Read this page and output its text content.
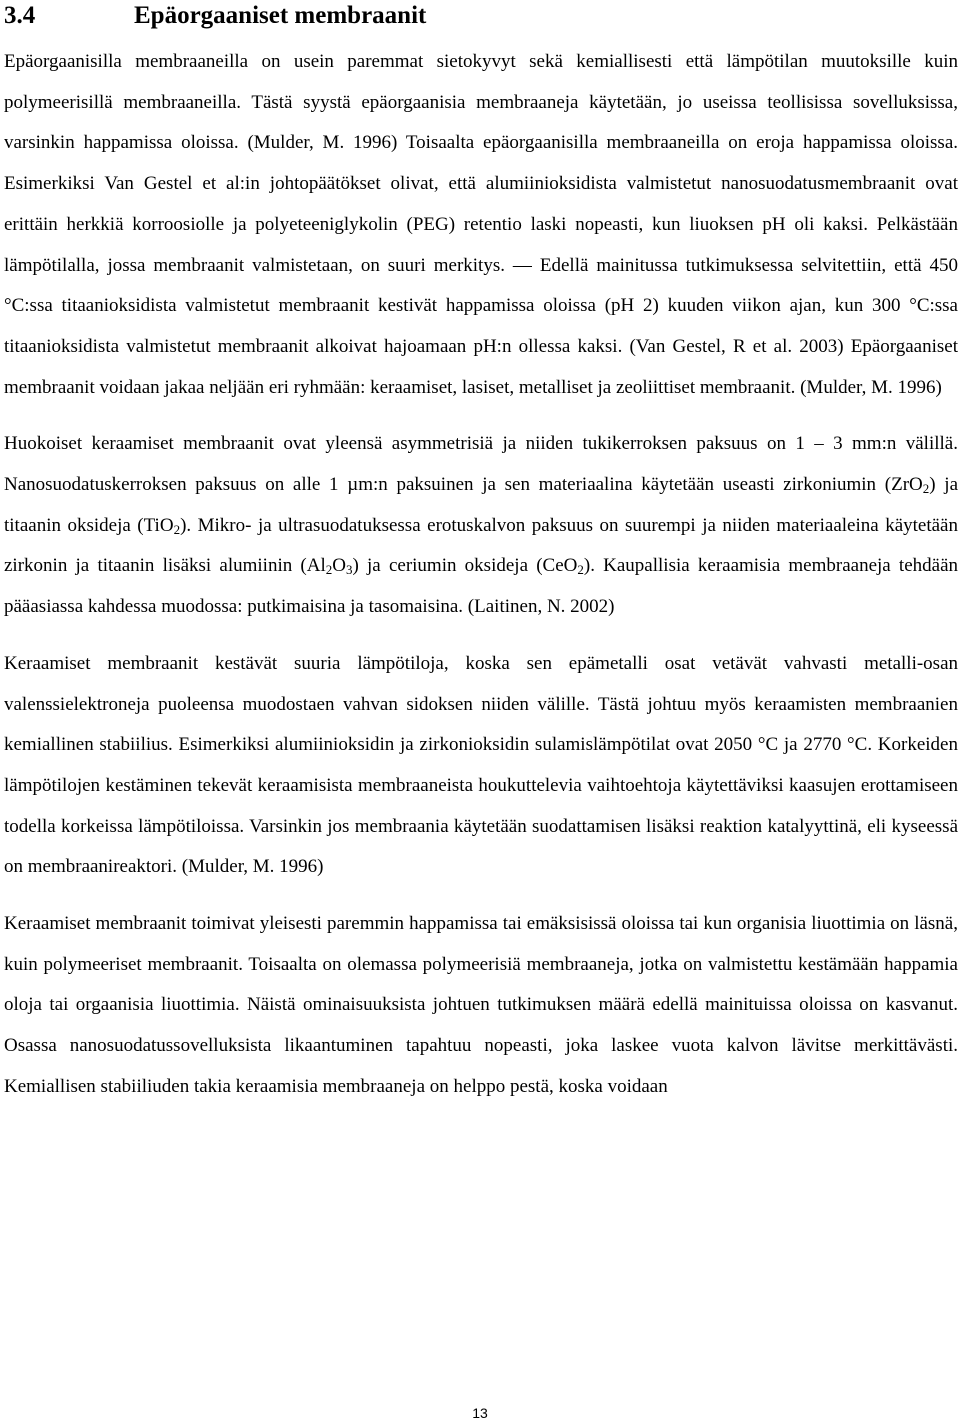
3.4	Epäorgaaniset membraanit

Epäorgaanisilla membraaneilla on usein paremmat sietokyvyt sekä kemiallisesti että lämpötilan muutoksille kuin polymeerisillä membraaneilla. Tästä syystä epäorgaanisia membraaneja käytetään, jo useissa teollisissa sovelluksissa, varsinkin happamissa oloissa. (Mulder, M. 1996) Toisaalta epäorgaanisilla membraaneilla on eroja happamissa oloissa. Esimerkiksi Van Gestel et al:in johtopäätökset olivat, että alumiinioksidista valmistetut nanosuodatusmembraanit ovat erittäin herkkiä korroosiolle ja polyeteeniglykolin (PEG) retentio laski nopeasti, kun liuoksen pH oli kaksi. Pelkästään lämpötilalla, jossa membraanit valmistetaan, on suuri merkitys. — Edellä mainitussa tutkimuksessa selvitettiin, että 450 °C:ssa titaanioksidista valmistetut membraanit kestivät happamissa oloissa (pH 2) kuuden viikon ajan, kun 300 °C:ssa titaanioksidista valmistetut membraanit alkoivat hajoamaan pH:n ollessa kaksi. (Van Gestel, R et al. 2003) Epäorgaaniset membraanit voidaan jakaa neljään eri ryhmään: keraamiset, lasiset, metalliset ja zeoliittiset membraanit. (Mulder, M. 1996)

Huokoiset keraamiset membraanit ovat yleensä asymmetrisiä ja niiden tukikerroksen paksuus on 1 – 3 mm:n välillä. Nanosuodatuskerroksen paksuus on alle 1 µm:n paksuinen ja sen materiaalina käytetään useasti zirkoniumin (ZrO$_2$) ja titaanin oksideja (TiO$_2$). Mikro- ja ultrasuodatuksessa erotuskalvon paksuus on suurempi ja niiden materiaaleina käytetään zirkonin ja titaanin lisäksi alumiinin $(Al_2O_3)$ ja ceriumin oksideja (CeO$_2$). Kaupallisia keraamisia membraaneja tehdään pääasiassa kahdessa muodossa: putkimaisina ja tasomaisina. (Laitinen, N. 2002)

Keraamiset membraanit kestävät suuria lämpötiloja, koska sen epämetalli osat vetävät vahvasti metalli-osan valenssielektroneja puoleensa muodostaen vahvan sidoksen niiden välille. Tästä johtuu myös keraamisten membraanien kemiallinen stabiilius. Esimerkiksi alumiinioksidin ja zirkonioksidin sulamislämpötilat ovat 2050 °C ja 2770 °C. Korkeiden lämpötilojen kestäminen tekevät keraamisista membraaneista houkuttelevia vaihtoehtoja käytettäviksi kaasujen erottamiseen todella korkeissa lämpötiloissa. Varsinkin jos membraania käytetään suodattamisen lisäksi reaktion katalyyttinä, eli kyseessä on membraanireaktori. (Mulder, M. 1996)

Keraamiset membraanit toimivat yleisesti paremmin happamissa tai emäksisissä oloissa tai kun organisia liuottimia on läsnä, kuin polymeeriset membraanit. Toisaalta on olemassa polymeerisiä membraaneja, jotka on valmistettu kestämään happamia oloja tai orgaanisia liuottimia. Näistä ominaisuuksista johtuen tutkimuksen määrä edellä mainituissa oloissa on kasvanut. Osassa nanosuodatussovelluksista likaantuminen tapahtuu nopeasti, joka laskee vuota kalvon lävitse merkittävästi. Kemiallisen stabiiliuden takia keraamisia membraaneja on helppo pestä, koska voidaan

13
